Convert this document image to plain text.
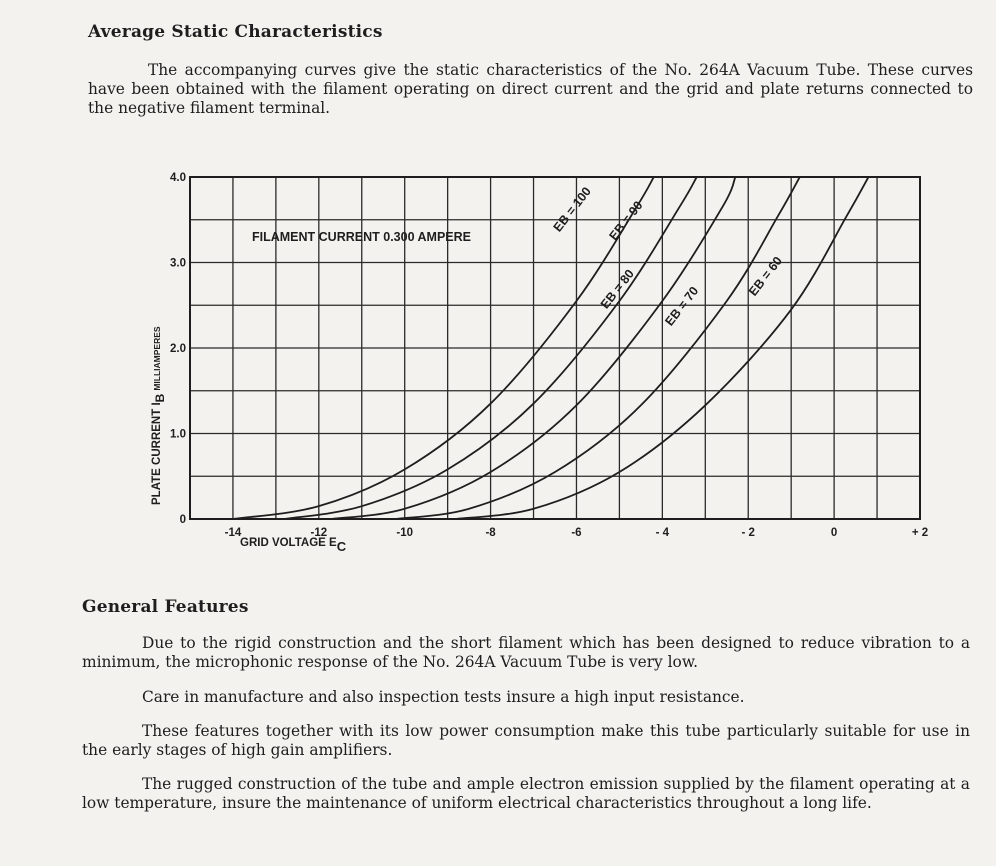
Average Static Characteristics

The accompanying curves give the static characteristics of the No. 264A Vacuum Tube. These curves have been obtained with the filament operating on direct current and the grid and plate returns connected to the negative filament terminal.

EB = 100 EB = 90
EB = 80 EB = 70
EB = 60
-14	-12	-10	-8	-6	- 4	- 2	0	+ 2
0
1.0
2.0
3.0
4.0
FILAMENT CURRENT 0.300 AMPERE
GRID VOLTAGE EC
PLATE CURRENT $IB^{MILLIAMPERES}$
General Features

Due to the rigid construction and the short filament which has been designed to reduce vibration to a minimum, the microphonic response of the No. 264A Vacuum Tube is very low.

Care in manufacture and also inspection tests insure a high input resistance.

These features together with its low power consumption make this tube particularly suitable for use in the early stages of high gain amplifiers.

The rugged construction of the tube and ample electron emission supplied by the filament operating at a low temperature, insure the maintenance of uniform electrical characteristics throughout a long life.
